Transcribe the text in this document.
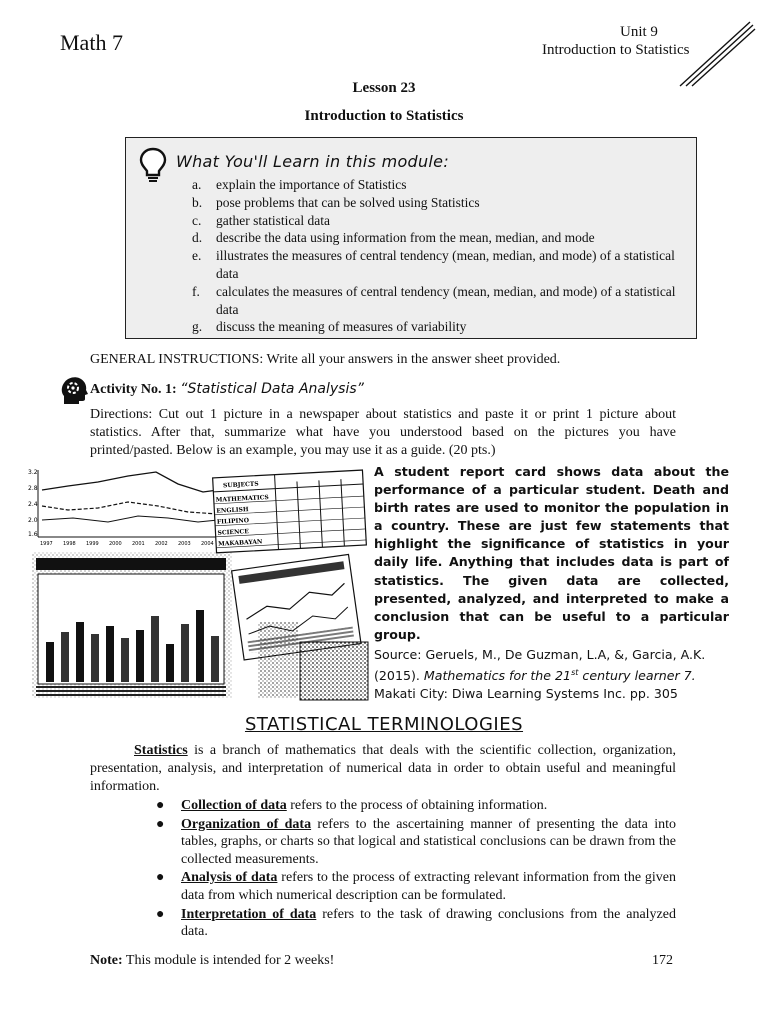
Math 7	Unit 9
Introduction to Statistics
Lesson 23
Introduction to Statistics
What You'll Learn in this module:
a.	explain the importance of Statistics
b.	pose problems that can be solved using Statistics
c.	gather statistical data
d.	describe the data using information from the mean, median, and mode
e.	illustrates the measures of central tendency (mean, median, and mode) of a statistical data
f.	calculates the measures of central tendency (mean, median, and mode) of a statistical data
g.	discuss the meaning of measures of variability
GENERAL INSTRUCTIONS: Write all your answers in the answer sheet provided.
Activity No. 1: “Statistical Data Analysis”
Directions: Cut out 1 picture in a newspaper about statistics and paste it or print 1 picture about statistics. After that, summarize what have you understood based on the pictures you have printed/pasted. Below is an example, you may use it as a guide. (20 pts.)
3.2
2.8
2.4
2.0
1.6
1997 1998 1999 2000 2001 2002 2003 2004
SUBJECTS
MATHEMATICS
ENGLISH
FILIPINO
SCIENCE
MAKABAYAN
A student report card shows data about the performance of a particular student. Death and birth rates are used to monitor the population in a country. These are just few statements that highlight the significance of statistics in your daily life. Anything that includes data is part of statistics. The given data are collected, presented, analyzed, and interpreted to make a conclusion that can be useful to a particular group.
Source: Geruels, M., De Guzman, L.A, &, Garcia, A.K. (2015). Mathematics for the 21st century learner 7. Makati City: Diwa Learning Systems Inc. pp. 305
STATISTICAL TERMINOLOGIES
Statistics is a branch of mathematics that deals with the scientific collection, organization, presentation, analysis, and interpretation of numerical data in order to obtain useful and meaningful information.
●	Collection of data refers to the process of obtaining information.
●	Organization of data refers to the ascertaining manner of presenting the data into tables, graphs, or charts so that logical and statistical conclusions can be drawn from the collected measurements.
●	Analysis of data refers to the process of extracting relevant information from the given data from which numerical description can be formulated.
●	Interpretation of data refers to the task of drawing conclusions from the analyzed data.
Note: This module is intended for 2 weeks!	172
